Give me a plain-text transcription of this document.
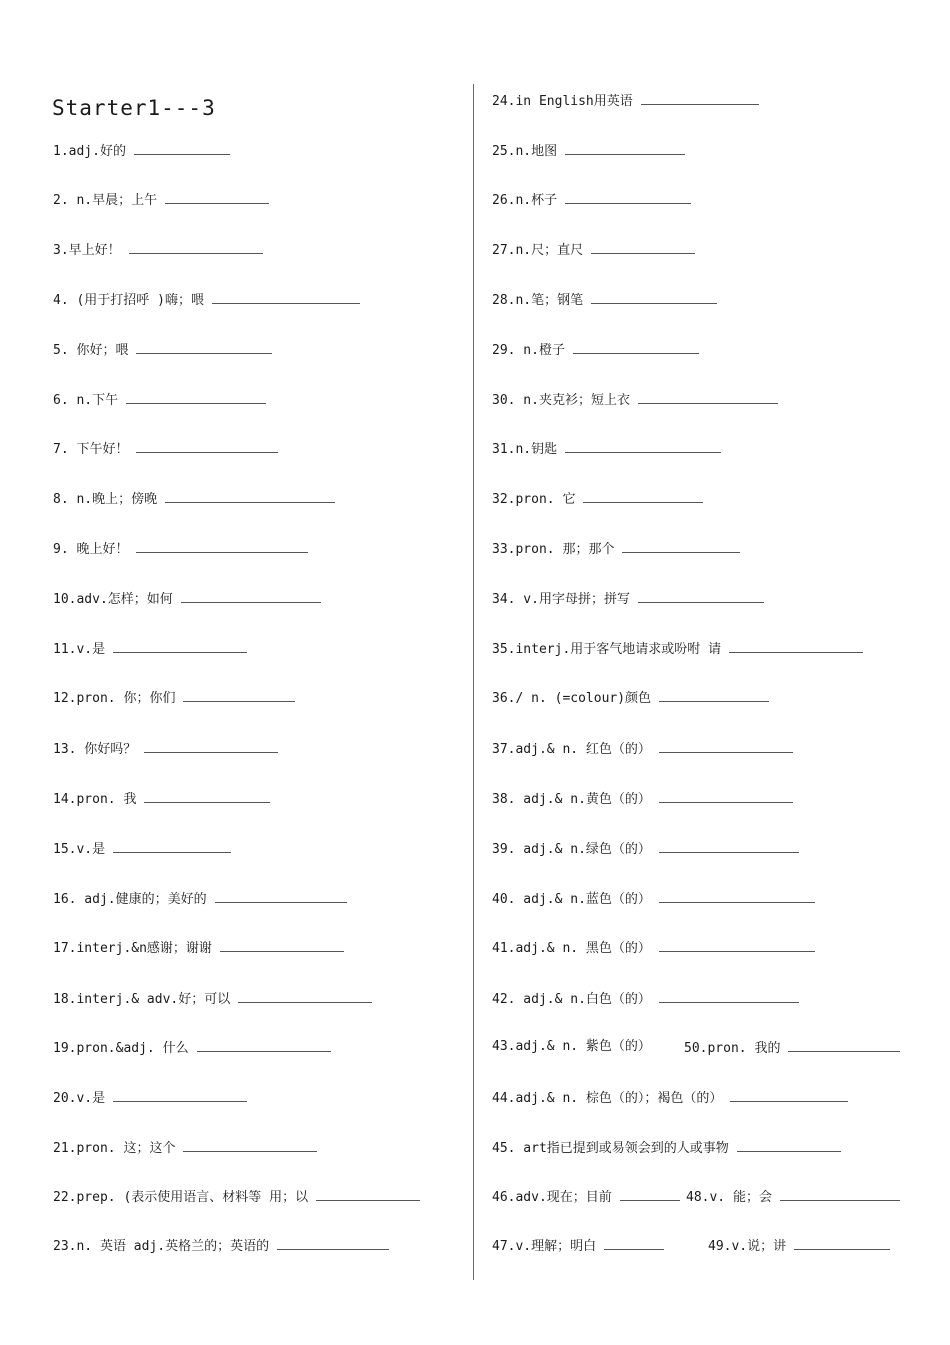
Starter1---3
1.adj.好的
2. n.早晨；上午
3.早上好！
4. (用于打招呼 )嗨；喂
5. 你好；喂
6. n.下午
7. 下午好！
8. n.晚上；傍晚
9. 晚上好！
10.adv.怎样；如何
11.v.是
12.pron. 你；你们
13. 你好吗？
14.pron. 我
15.v.是
16. adj.健康的；美好的
17.interj.&n感谢；谢谢
18.interj.& adv.好；可以
19.pron.&adj. 什么
20.v.是
21.pron. 这；这个
22.prep. (表示使用语言、材料等 用；以
23.n. 英语 adj.英格兰的；英语的
24.in English用英语
25.n.地图
26.n.杯子
27.n.尺；直尺
28.n.笔；钢笔
29. n.橙子
30. n.夹克衫；短上衣
31.n.钥匙
32.pron. 它
33.pron. 那；那个
34. v.用字母拼；拼写
35.interj.用于客气地请求或吩咐 请
36./ n. (=colour)颜色
37.adj.& n. 红色（的）
38. adj.& n.黄色（的）
39. adj.& n.绿色（的）
40. adj.& n.蓝色（的）
41.adj.& n. 黑色（的）
42. adj.& n.白色（的）
43.adj.& n. 紫色（的）
44.adj.& n. 棕色（的）；褐色（的）
45. art指已提到或易领会到的人或事物
46.adv.现在；目前
47.v.理解；明白
48.v. 能；会
49.v.说；讲
50.pron. 我的
